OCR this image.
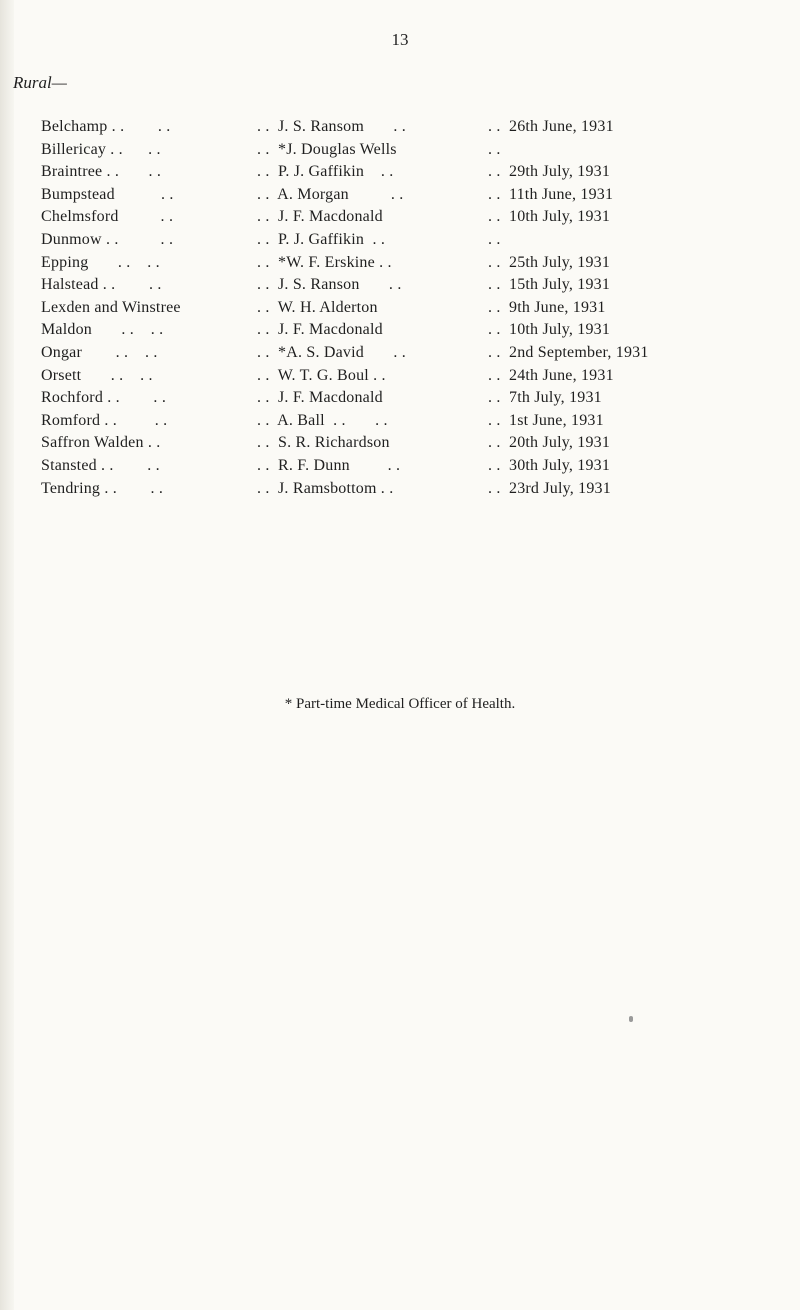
13
Rural—
Belchamp . .        . .	. .  J. S. Ransom       . .	. .  26th June, 1931
Billericay . .      . .	. .  *J. Douglas Wells	. .
Braintree . .       . .	. .  P. J. Gaffikin    . .	. .  29th July, 1931
Bumpstead           . .	. .  A. Morgan          . .	. .  11th June, 1931
Chelmsford          . .	. .  J. F. Macdonald	. .  10th July, 1931
Dunmow . .          . .	. .  P. J. Gaffikin  . .	. .
Epping       . .    . .	. .  *W. F. Erskine . .	. .  25th July, 1931
Halstead . .        . .	. .  J. S. Ranson       . .	. .  15th July, 1931
Lexden and Winstree	. .  W. H. Alderton	. .  9th June, 1931
Maldon       . .    . .	. .  J. F. Macdonald	. .  10th July, 1931
Ongar        . .    . .	. .  *A. S. David       . .	. .  2nd September, 1931
Orsett       . .    . .	. .  W. T. G. Boul . .	. .  24th June, 1931
Rochford . .        . .	. .  J. F. Macdonald	. .  7th July, 1931
Romford . .         . .	. .  A. Ball  . .       . .	. .  1st June, 1931
Saffron Walden . .	. .  S. R. Richardson	. .  20th July, 1931
Stansted . .        . .	. .  R. F. Dunn         . .	. .  30th July, 1931
Tendring . .        . .	. .  J. Ramsbottom . .	. .  23rd July, 1931
* Part-time Medical Officer of Health.
